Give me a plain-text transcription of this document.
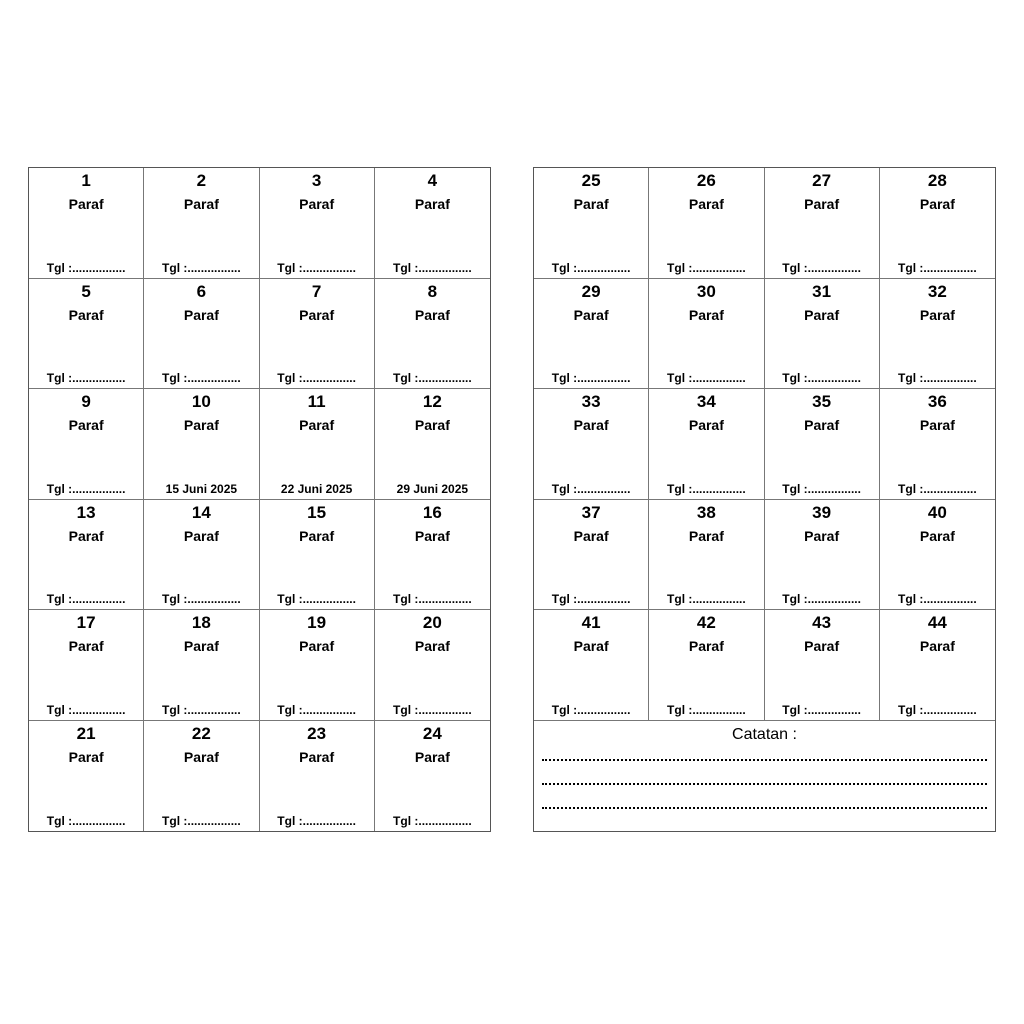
1
Paraf
Tgl :................
2
Paraf
Tgl :................
3
Paraf
Tgl :................
4
Paraf
Tgl :................
5
Paraf
Tgl :................
6
Paraf
Tgl :................
7
Paraf
Tgl :................
8
Paraf
Tgl :................
9
Paraf
Tgl :................
10
Paraf
15 Juni 2025
11
Paraf
22 Juni 2025
12
Paraf
29 Juni 2025
13
Paraf
Tgl :................
14
Paraf
Tgl :................
15
Paraf
Tgl :................
16
Paraf
Tgl :................
17
Paraf
Tgl :................
18
Paraf
Tgl :................
19
Paraf
Tgl :................
20
Paraf
Tgl :................
21
Paraf
Tgl :................
22
Paraf
Tgl :................
23
Paraf
Tgl :................
24
Paraf
Tgl :................
25
Paraf
Tgl :................
26
Paraf
Tgl :................
27
Paraf
Tgl :................
28
Paraf
Tgl :................
29
Paraf
Tgl :................
30
Paraf
Tgl :................
31
Paraf
Tgl :................
32
Paraf
Tgl :................
33
Paraf
Tgl :................
34
Paraf
Tgl :................
35
Paraf
Tgl :................
36
Paraf
Tgl :................
37
Paraf
Tgl :................
38
Paraf
Tgl :................
39
Paraf
Tgl :................
40
Paraf
Tgl :................
41
Paraf
Tgl :................
42
Paraf
Tgl :................
43
Paraf
Tgl :................
44
Paraf
Tgl :................
Catatan :
